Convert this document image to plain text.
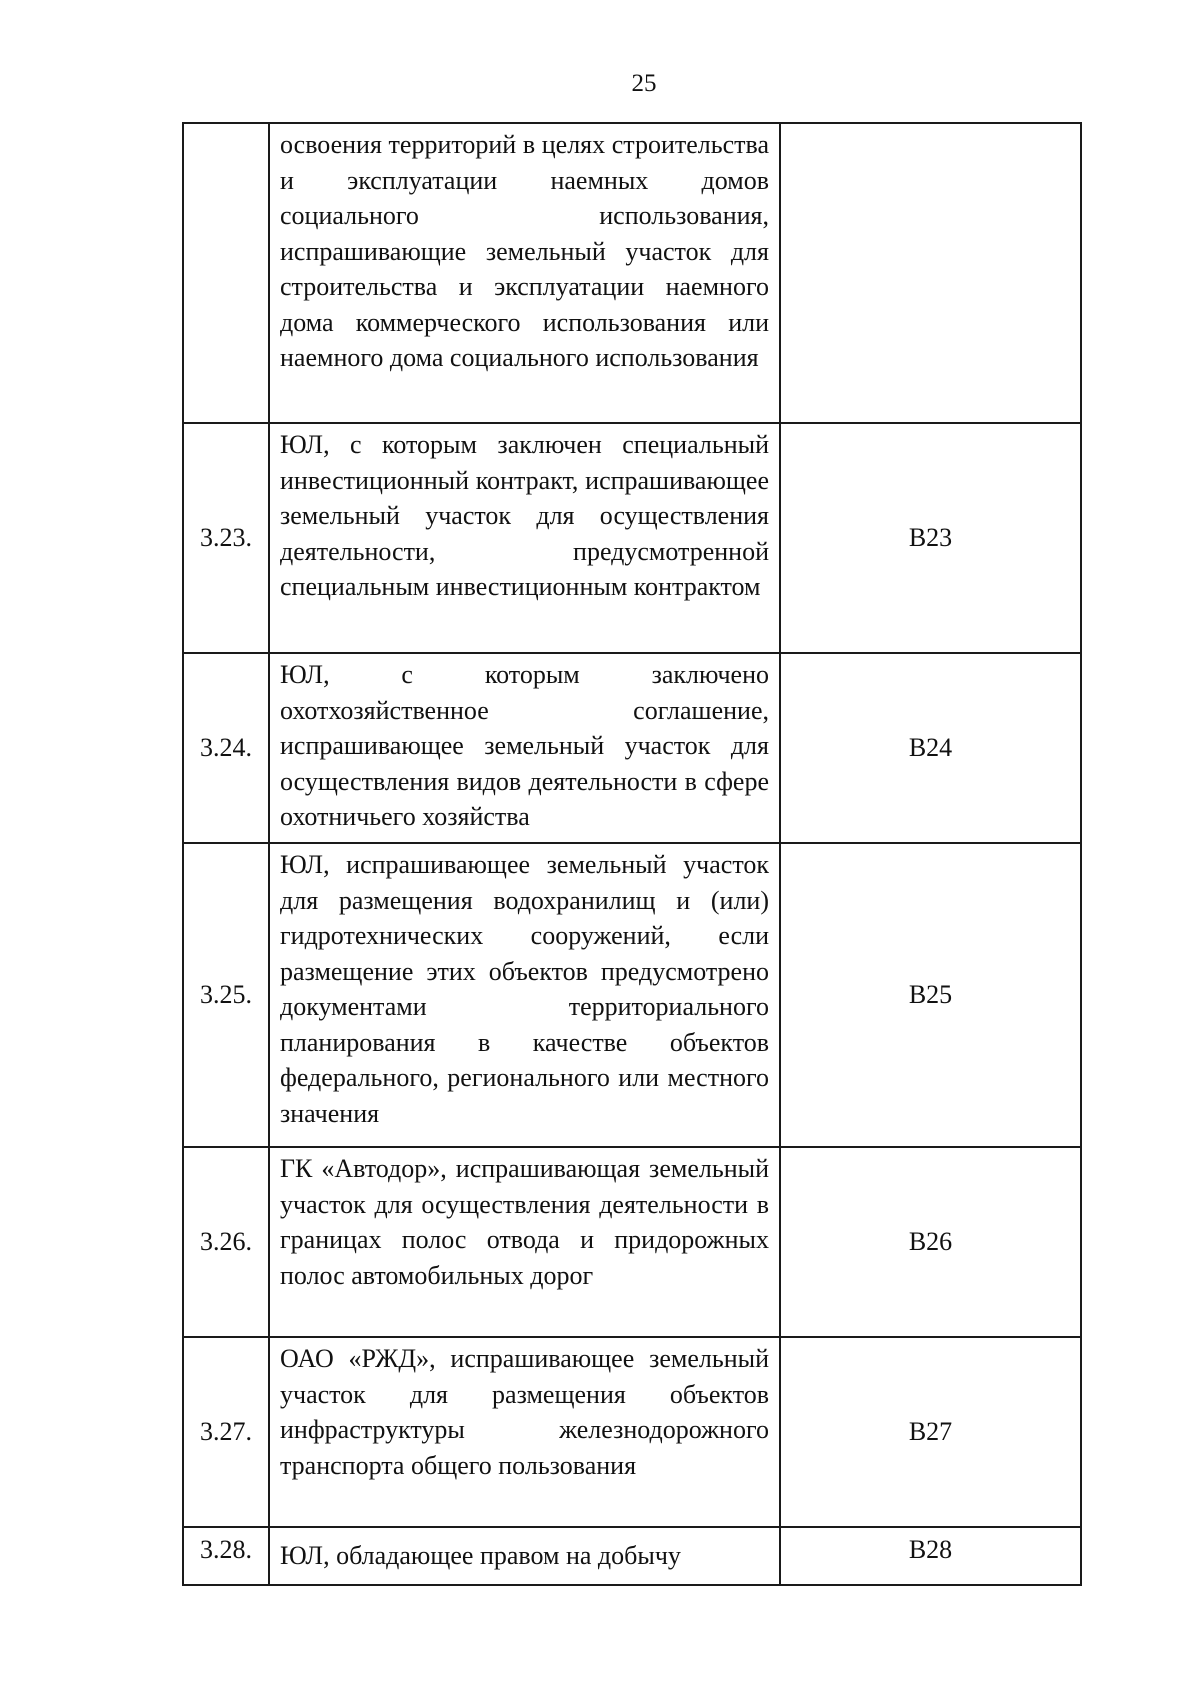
25

освоения территорий в целях строительства и эксплуатации наемных домов социального использования, испрашивающие земельный участок для строительства и эксплуатации наемного дома коммерческого использования или наемного дома социального использования

3.23.

ЮЛ, с которым заключен специальный инвестиционный контракт, испрашивающее земельный участок для осуществления деятельности, предусмотренной специальным инвестиционным контрактом

В23
3.24.

ЮЛ, с которым заключено охотхозяйственное соглашение, испрашивающее земельный участок для осуществления видов деятельности в сфере охотничьего хозяйства

В24
3.25.

ЮЛ, испрашивающее земельный участок для размещения водохранилищ и (или) гидротехнических сооружений, если размещение этих объектов предусмотрено документами территориального планирования в качестве объектов федерального, регионального или местного значения

В25
3.26.

ГК «Автодор», испрашивающая земельный участок для осуществления деятельности в границах полос отвода и придорожных полос автомобильных дорог

В26
3.27.

ОАО «РЖД», испрашивающее земельный участок для размещения объектов инфраструктуры железнодорожного транспорта общего пользования

В27
3.28.	ЮЛ, обладающее правом на добычу	В28
